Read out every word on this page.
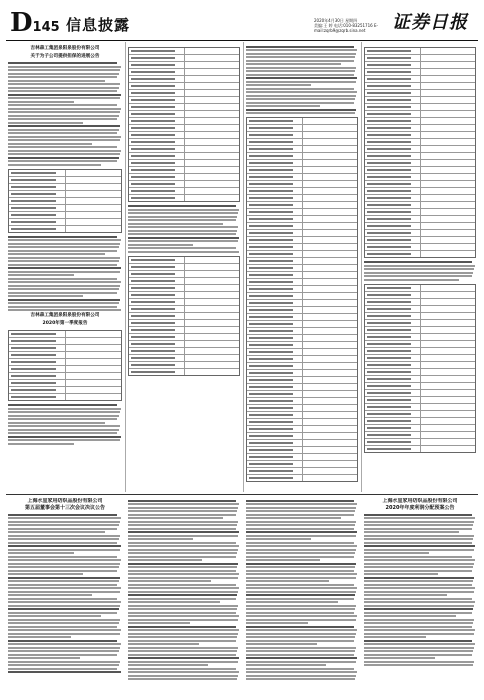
D145 信息披露	2020年4月30日 星期四
美编:王 婷 电话:010-83251716 E-mail:zqrb9@zqrb.sina.net	证券日报
吉林森工集团泉阳泉股份有限公司
关于为子公司提供担保的进展公告
吉林森工集团泉阳泉股份有限公司
2020年第一季度报告
上海水星家用纺织品股份有限公司
第五届董事会第十三次会议决议公告
上海水星家用纺织品股份有限公司
2020年年度利润分配预案公告
